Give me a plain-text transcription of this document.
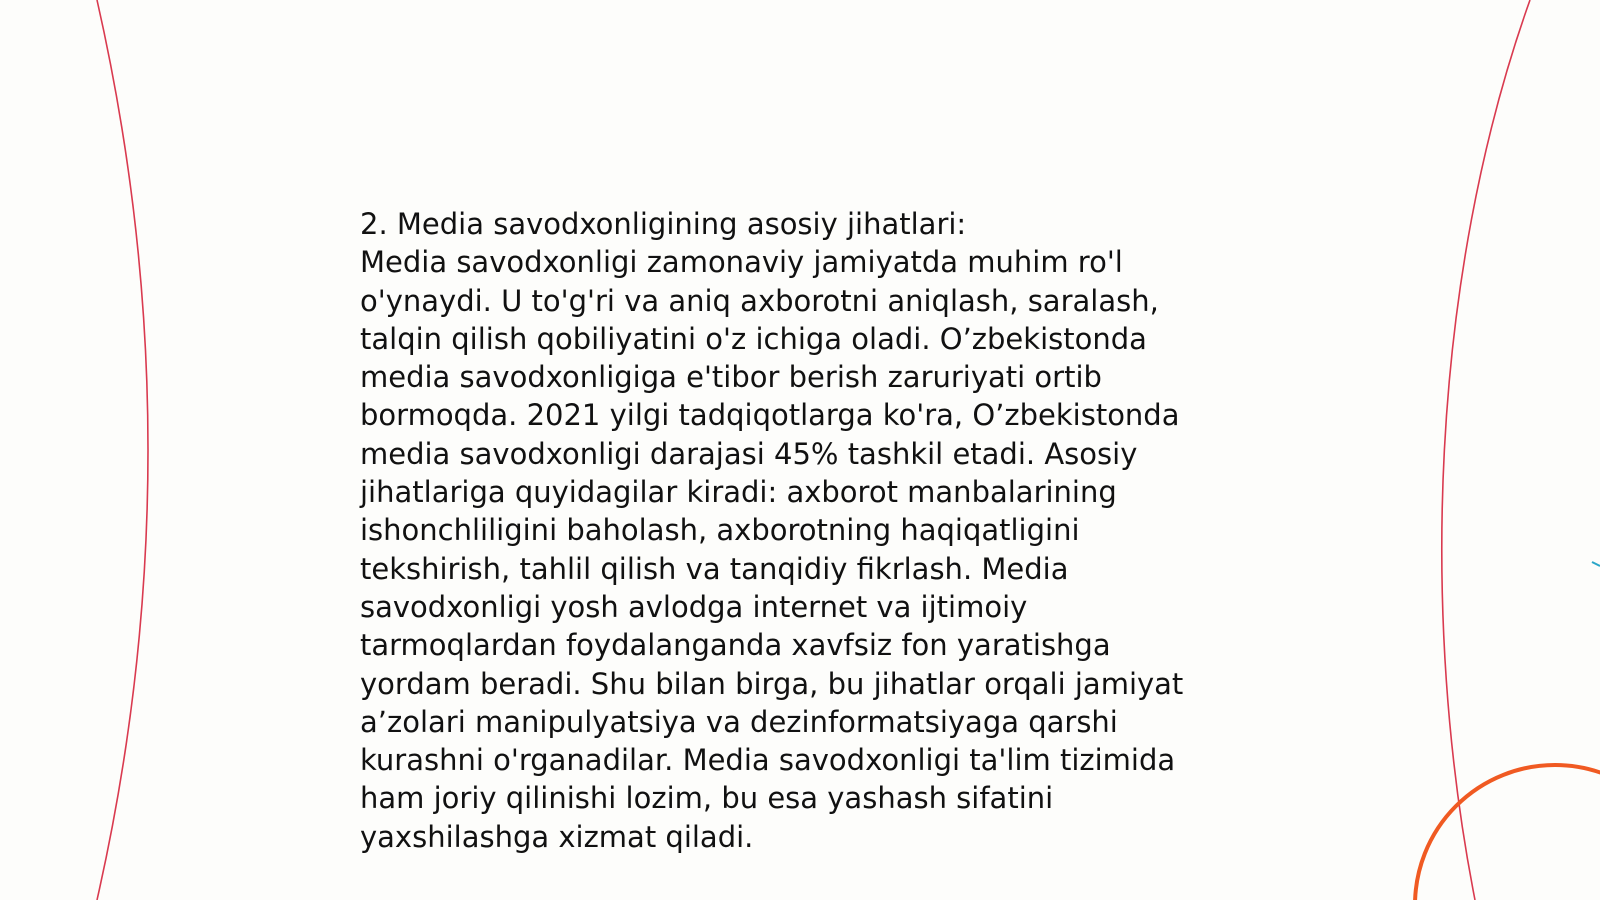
2. Media savodxonligining asosiy jihatlari:
Media savodxonligi zamonaviy jamiyatda muhim ro'l
o'ynaydi. U to'g'ri va aniq axborotni aniqlash, saralash,
talqin qilish qobiliyatini o'z ichiga oladi. O’zbekistonda
media savodxonligiga e'tibor berish zaruriyati ortib
bormoqda. 2021 yilgi tadqiqotlarga ko'ra, O’zbekistonda
media savodxonligi darajasi 45% tashkil etadi. Asosiy
jihatlariga quyidagilar kiradi: axborot manbalarining
ishonchliligini baholash, axborotning haqiqatligini
tekshirish, tahlil qilish va tanqidiy fikrlash. Media
savodxonligi yosh avlodga internet va ijtimoiy
tarmoqlardan foydalanganda xavfsiz fon yaratishga
yordam beradi. Shu bilan birga, bu jihatlar orqali jamiyat
a’zolari manipulyatsiya va dezinformatsiyaga qarshi
kurashni o'rganadilar. Media savodxonligi ta'lim tizimida
ham joriy qilinishi lozim, bu esa yashash sifatini
yaxshilashga xizmat qiladi.
